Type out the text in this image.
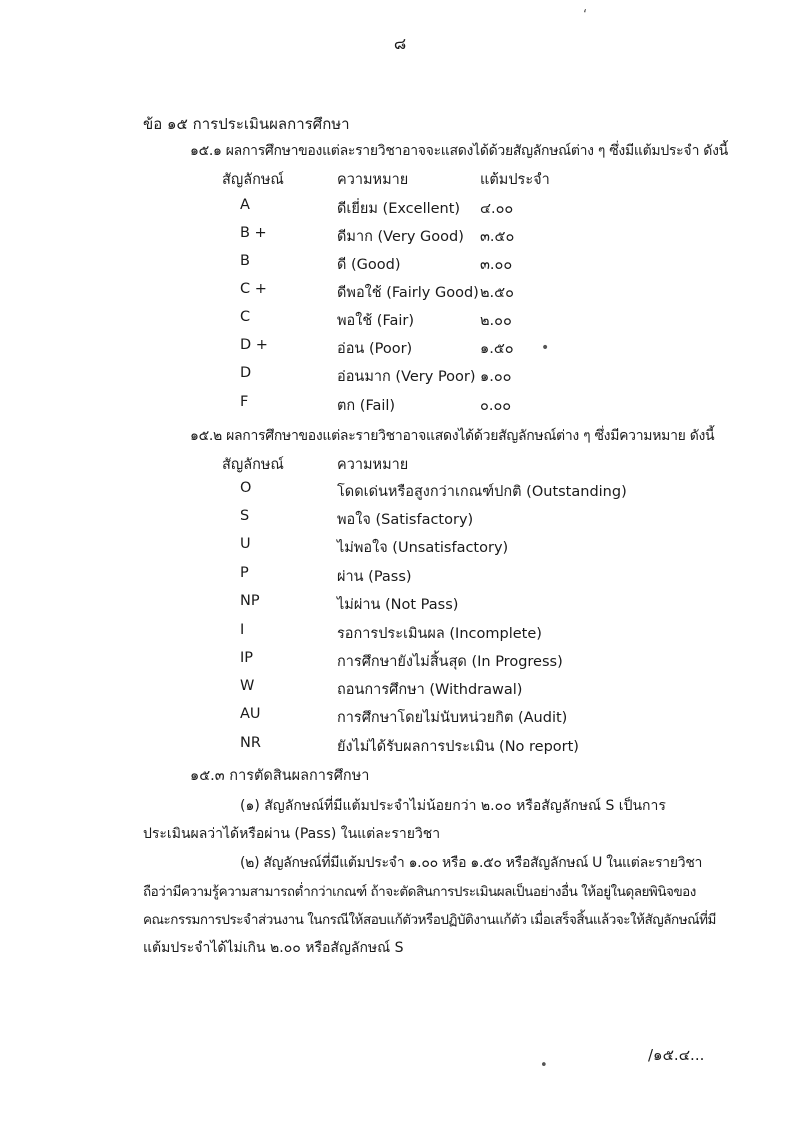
‘
•
•
๘
ข้อ ๑๕ การประเมินผลการศึกษา
๑๕.๑ ผลการศึกษาของแต่ละรายวิชาอาจจะแสดงได้ด้วยสัญลักษณ์ต่าง ๆ ซึ่งมีแต้มประจำ ดังนี้
สัญลักษณ์	ความหมาย	แต้มประจำ
A	ดีเยี่ยม (Excellent) ๔.๐๐
B +	ดีมาก (Very Good) ๓.๕๐
B	ดี (Good)	๓.๐๐
C +	ดีพอใช้ (Fairly Good) ๒.๕๐
C	พอใช้ (Fair)	๒.๐๐
D +	อ่อน (Poor)	๑.๕๐
D	อ่อนมาก (Very Poor) ๑.๐๐
F	ตก (Fail)	๐.๐๐
๑๕.๒ ผลการศึกษาของแต่ละรายวิชาอาจแสดงได้ด้วยสัญลักษณ์ต่าง ๆ ซึ่งมีความหมาย ดังนี้
สัญลักษณ์	ความหมาย
O	โดดเด่นหรือสูงกว่าเกณฑ์ปกติ (Outstanding)
S	พอใจ (Satisfactory)
U	ไม่พอใจ (Unsatisfactory)
P	ผ่าน (Pass)
NP	ไม่ผ่าน (Not Pass)
I	รอการประเมินผล (Incomplete)
IP	การศึกษายังไม่สิ้นสุด (In Progress)
W	ถอนการศึกษา (Withdrawal)
AU	การศึกษาโดยไม่นับหน่วยกิต (Audit)
NR	ยังไม่ได้รับผลการประเมิน (No report)
๑๕.๓ การตัดสินผลการศึกษา
(๑) สัญลักษณ์ที่มีแต้มประจำไม่น้อยกว่า ๒.๐๐ หรือสัญลักษณ์ S เป็นการ
ประเมินผลว่าได้หรือผ่าน (Pass) ในแต่ละรายวิชา
(๒) สัญลักษณ์ที่มีแต้มประจำ ๑.๐๐ หรือ ๑.๕๐ หรือสัญลักษณ์ U ในแต่ละรายวิชา
ถือว่ามีความรู้ความสามารถต่ำกว่าเกณฑ์ ถ้าจะตัดสินการประเมินผลเป็นอย่างอื่น ให้อยู่ในดุลยพินิจของ
คณะกรรมการประจำส่วนงาน ในกรณีให้สอบแก้ตัวหรือปฏิบัติงานแก้ตัว เมื่อเสร็จสิ้นแล้วจะให้สัญลักษณ์ที่มี
แต้มประจำได้ไม่เกิน ๒.๐๐ หรือสัญลักษณ์ S
/๑๕.๔...
